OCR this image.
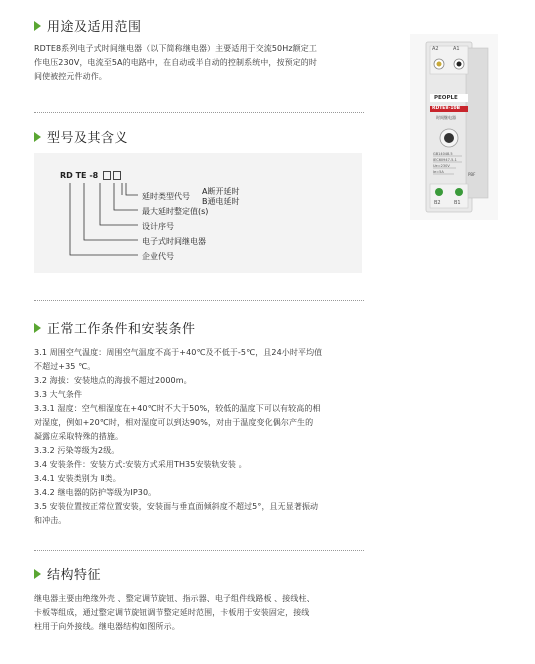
用途及适用范围
RDTE8系列电子式时间继电器（以下简称继电器）主要适用于交流50Hz额定工
作电压230V，电流至5A的电路中，在自动或半自动的控制系统中，按预定的时
间使被控元件动作。
型号及其含义
RD TE -8
延时类型代号
A断开延时
B通电延时
最大延时整定值(s)
设计序号
电子式时间继电器
企业代号
正常工作条件和安装条件
3.1 周围空气温度：周围空气温度不高于+40℃及不低于-5℃，且24小时平均值
不超过+35 ℃。
3.2 海拔：安装地点的海拔不超过2000m。
3.3 大气条件
3.3.1 湿度：空气相湿度在+40℃时不大于50%，较低的温度下可以有较高的相
对湿度，例如+20℃时，相对湿度可以到达90%，对由于温度变化偶尔产生的
凝露应采取特殊的措施。
3.3.2 污染等级为2级。
3.4 安装条件：安装方式:安装方式采用TH35安装轨安装 。
3.4.1 安装类别为 Ⅱ类。
3.4.2 继电器的防护等级为IP30。
3.5 安装位置按正常位置安装，安装面与垂直面倾斜度不超过5°，且无显著振动
和冲击。
结构特征
继电器主要由绝缘外壳 、整定调节旋钮、指示器、电子组件线路板 、接线柱、
卡板等组成，通过整定调节旋钮调节整定延时范围，卡板用于安装固定，接线
柱用于向外接线。继电器结构如图所示。
A2	A1
PEOPLE
RDTE8-10B
时间继电器
GB14048.5
IEC60947-5-1
Ue=230V
Ie=5A	PBF
B2	B1
